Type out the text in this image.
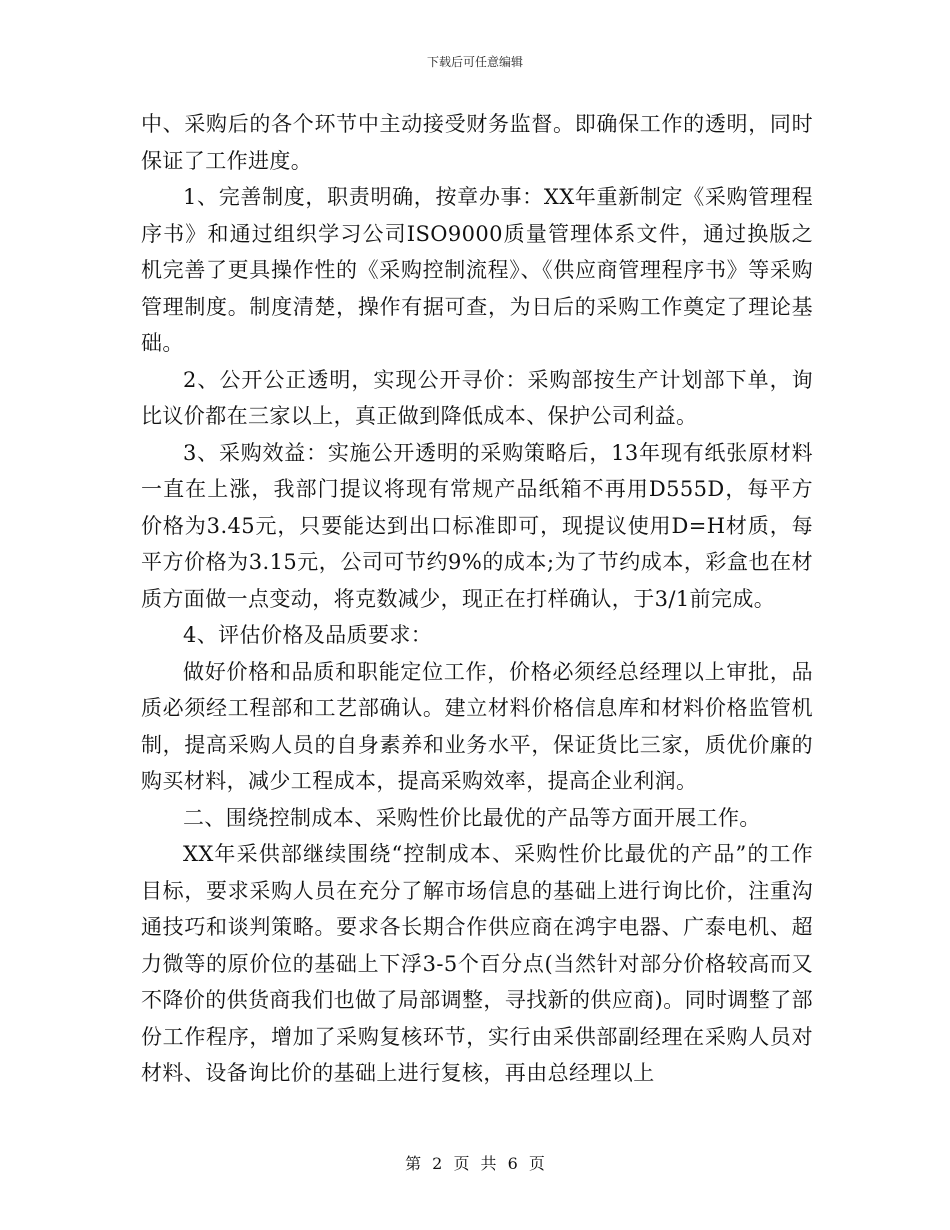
下载后可任意编辑

中、采购后的各个环节中主动接受财务监督。即确保工作的透明，同时保证了工作进度。

1、完善制度，职责明确，按章办事：XX年重新制定《采购管理程序书》和通过组织学习公司ISO9000质量管理体系文件，通过换版之机完善了更具操作性的《采购控制流程》、《供应商管理程序书》等采购管理制度。制度清楚，操作有据可查，为日后的采购工作奠定了理论基础。

2、公开公正透明，实现公开寻价：采购部按生产计划部下单，询比议价都在三家以上，真正做到降低成本、保护公司利益。

3、采购效益：实施公开透明的采购策略后，13年现有纸张原材料一直在上涨，我部门提议将现有常规产品纸箱不再用D555D，每平方价格为3.45元，只要能达到出口标准即可，现提议使用D=H材质，每平方价格为3.15元，公司可节约9%的成本;为了节约成本，彩盒也在材质方面做一点变动，将克数减少，现正在打样确认，于3/1前完成。

4、评估价格及品质要求：

做好价格和品质和职能定位工作，价格必须经总经理以上审批，品质必须经工程部和工艺部确认。建立材料价格信息库和材料价格监管机制，提高采购人员的自身素养和业务水平，保证货比三家，质优价廉的购买材料，减少工程成本，提高采购效率，提高企业利润。

二、围绕控制成本、采购性价比最优的产品等方面开展工作。

XX年采供部继续围绕“控制成本、采购性价比最优的产品”的工作目标，要求采购人员在充分了解市场信息的基础上进行询比价，注重沟通技巧和谈判策略。要求各长期合作供应商在鸿宇电器、广泰电机、超力微等的原价位的基础上下浮3-5个百分点(当然针对部分价格较高而又不降价的供货商我们也做了局部调整，寻找新的供应商)。同时调整了部份工作程序，增加了采购复核环节，实行由采供部副经理在采购人员对材料、设备询比价的基础上进行复核，再由总经理以上

第 2 页 共 6 页
